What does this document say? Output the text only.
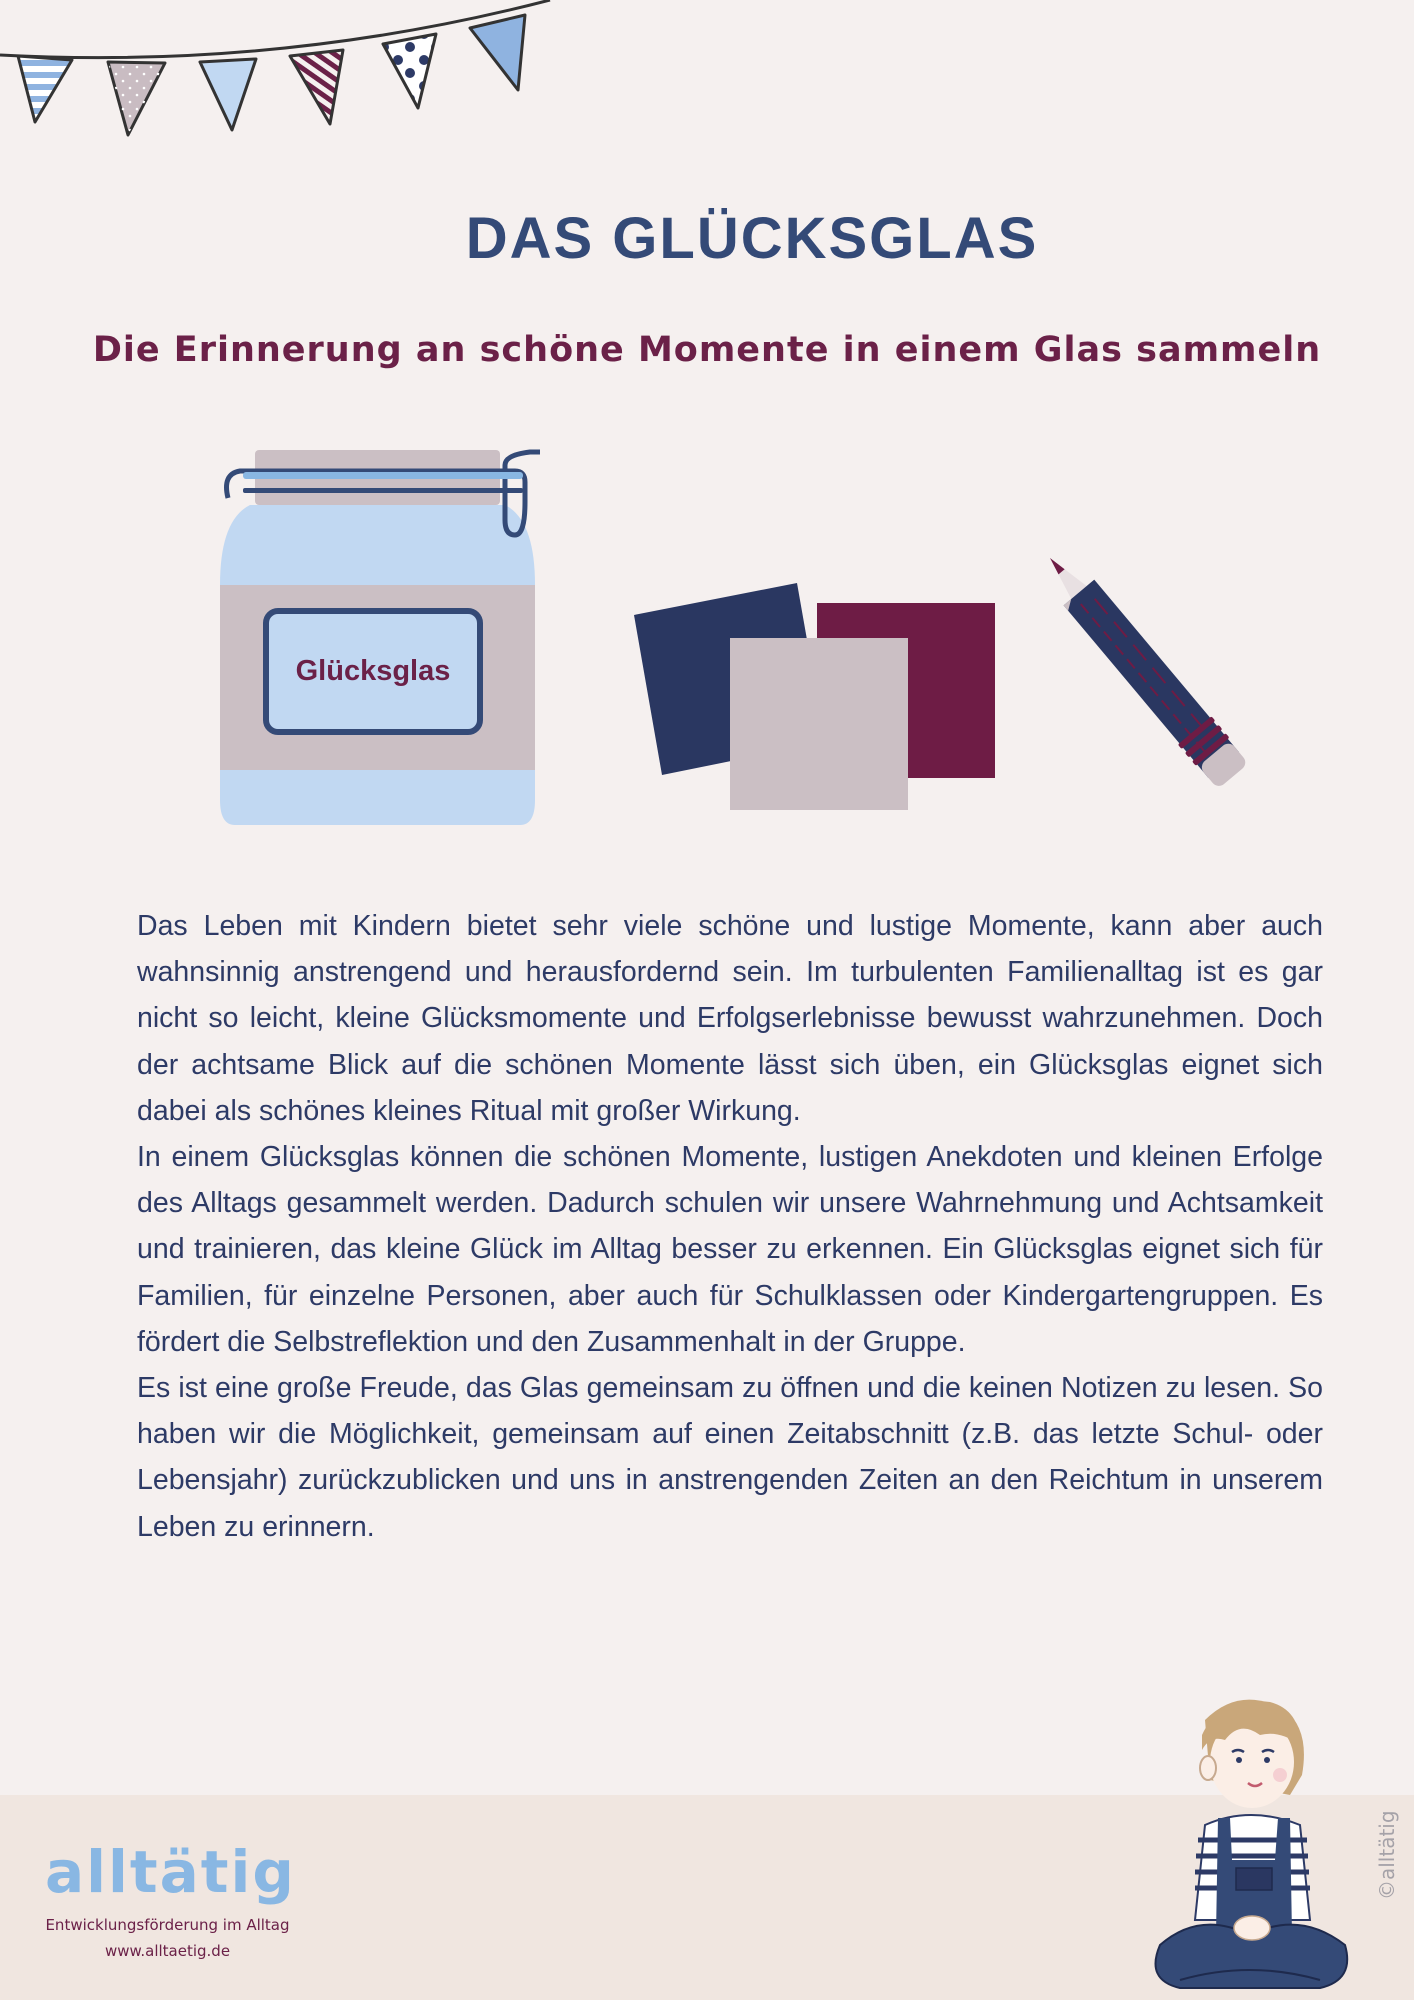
DAS GLÜCKSGLAS
Die Erinnerung an schöne Momente in einem Glas sammeln
Glücksglas

Das Leben mit Kindern bietet sehr viele schöne und lustige Momente, kann aber auch wahnsinnig anstrengend und herausfordernd sein. Im turbulenten Familienalltag ist es gar nicht so leicht, kleine Glücksmomente und Erfolgserlebnisse bewusst wahrzunehmen. Doch der achtsame Blick auf die schönen Momente lässt sich üben, ein Glücksglas eignet sich dabei als schönes kleines Ritual mit großer Wirkung.

In einem Glücksglas können die schönen Momente, lustigen Anekdoten und kleinen Erfolge des Alltags gesammelt werden. Dadurch schulen wir unsere Wahrnehmung und Achtsamkeit und trainieren, das kleine Glück im Alltag besser zu erkennen. Ein Glücksglas eignet sich für Familien, für einzelne Personen, aber auch für Schulklassen oder Kindergartengruppen. Es fördert die Selbstreflektion und den Zusammenhalt in der Gruppe.

Es ist eine große Freude, das Glas gemeinsam zu öffnen und die keinen Notizen zu lesen. So haben wir die Möglichkeit, gemeinsam auf einen Zeitabschnitt (z.B. das letzte Schul- oder Lebensjahr) zurückzublicken und uns in anstrengenden Zeiten an den Reichtum in unserem Leben zu erinnern.

alltätig
Entwicklungsförderung im Alltag
www.alltaetig.de
©alltätig
